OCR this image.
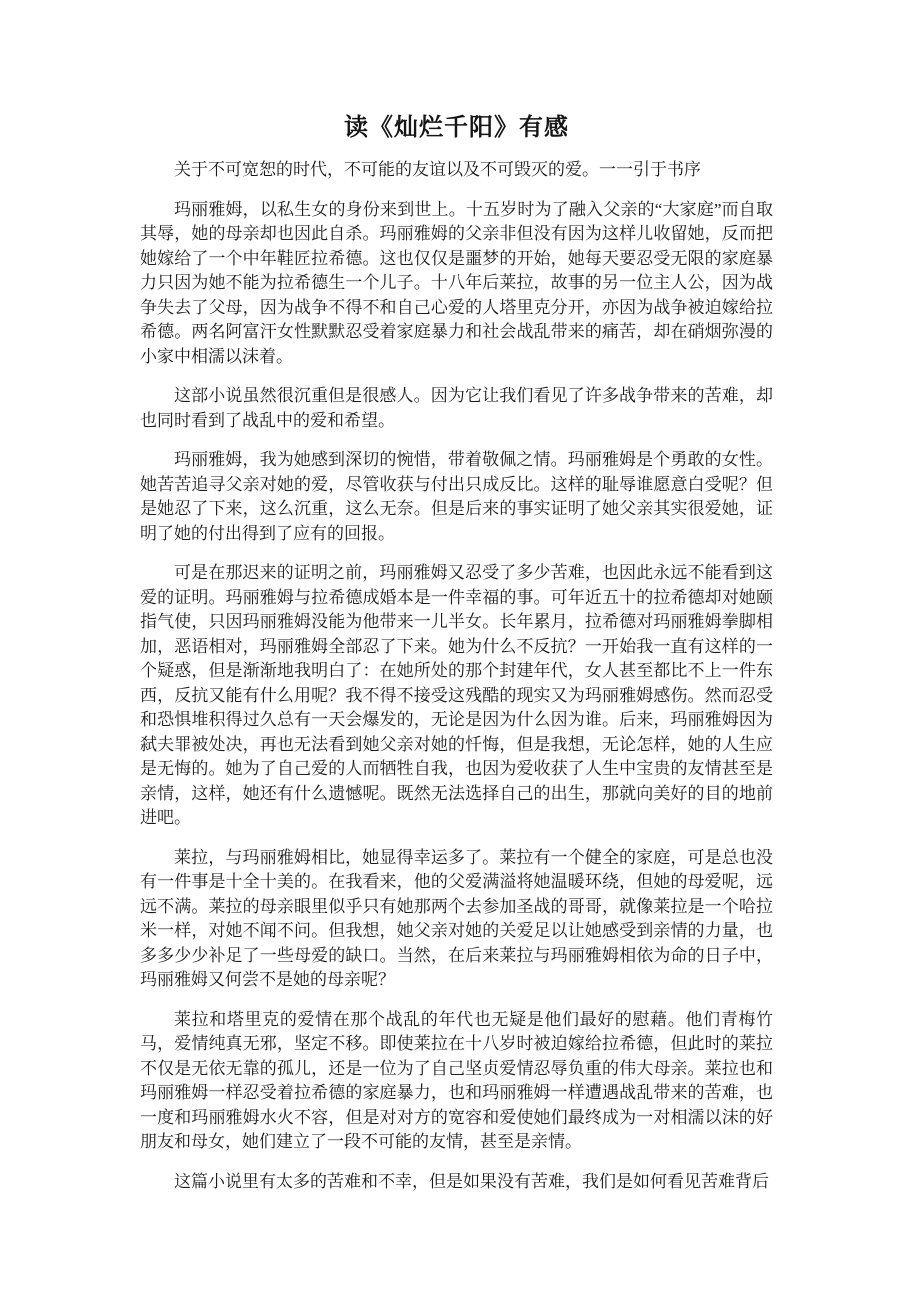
读《灿烂千阳》有感

关于不可宽恕的时代，不可能的友谊以及不可毁灭的爱。一一引于书序

玛丽雅姆，以私生女的身份来到世上。十五岁时为了融入父亲的“大家庭”而自取其辱，她的母亲却也因此自杀。玛丽雅姆的父亲非但没有因为这样儿收留她，反而把她嫁给了一个中年鞋匠拉希德。这也仅仅是噩梦的开始，她每天要忍受无限的家庭暴力只因为她不能为拉希德生一个儿子。十八年后莱拉，故事的另一位主人公，因为战争失去了父母，因为战争不得不和自己心爱的人塔里克分开，亦因为战争被迫嫁给拉希德。两名阿富汗女性默默忍受着家庭暴力和社会战乱带来的痛苦，却在硝烟弥漫的小家中相濡以沫着。

这部小说虽然很沉重但是很感人。因为它让我们看见了许多战争带来的苦难，却也同时看到了战乱中的爱和希望。

玛丽雅姆，我为她感到深切的惋惜，带着敬佩之情。玛丽雅姆是个勇敢的女性。她苦苦追寻父亲对她的爱，尽管收获与付出只成反比。这样的耻辱谁愿意白受呢？但是她忍了下来，这么沉重，这么无奈。但是后来的事实证明了她父亲其实很爱她，证明了她的付出得到了应有的回报。

可是在那迟来的证明之前，玛丽雅姆又忍受了多少苦难，也因此永远不能看到这爱的证明。玛丽雅姆与拉希德成婚本是一件幸福的事。可年近五十的拉希德却对她颐指气使，只因玛丽雅姆没能为他带来一儿半女。长年累月，拉希德对玛丽雅姆拳脚相加，恶语相对，玛丽雅姆全部忍了下来。她为什么不反抗？一开始我一直有这样的一个疑惑，但是渐渐地我明白了：在她所处的那个封建年代，女人甚至都比不上一件东西，反抗又能有什么用呢？我不得不接受这残酷的现实又为玛丽雅姆感伤。然而忍受和恐惧堆积得过久总有一天会爆发的，无论是因为什么因为谁。后来，玛丽雅姆因为弑夫罪被处决，再也无法看到她父亲对她的忏悔，但是我想，无论怎样，她的人生应是无悔的。她为了自己爱的人而牺牲自我，也因为爱收获了人生中宝贵的友情甚至是亲情，这样，她还有什么遗憾呢。既然无法选择自己的出生，那就向美好的目的地前进吧。

莱拉，与玛丽雅姆相比，她显得幸运多了。莱拉有一个健全的家庭，可是总也没有一件事是十全十美的。在我看来，他的父爱满溢将她温暖环绕，但她的母爱呢，远远不满。莱拉的母亲眼里似乎只有她那两个去参加圣战的哥哥，就像莱拉是一个哈拉米一样，对她不闻不问。但我想，她父亲对她的关爱足以让她感受到亲情的力量，也多多少少补足了一些母爱的缺口。当然，在后来莱拉与玛丽雅姆相依为命的日子中，玛丽雅姆又何尝不是她的母亲呢？

莱拉和塔里克的爱情在那个战乱的年代也无疑是他们最好的慰藉。他们青梅竹马，爱情纯真无邪，坚定不移。即使莱拉在十八岁时被迫嫁给拉希德，但此时的莱拉不仅是无依无靠的孤儿，还是一位为了自己坚贞爱情忍辱负重的伟大母亲。莱拉也和玛丽雅姆一样忍受着拉希德的家庭暴力，也和玛丽雅姆一样遭遇战乱带来的苦难，也一度和玛丽雅姆水火不容，但是对对方的宽容和爱使她们最终成为一对相濡以沫的好朋友和母女，她们建立了一段不可能的友情，甚至是亲情。

这篇小说里有太多的苦难和不幸，但是如果没有苦难，我们是如何看见苦难背后
